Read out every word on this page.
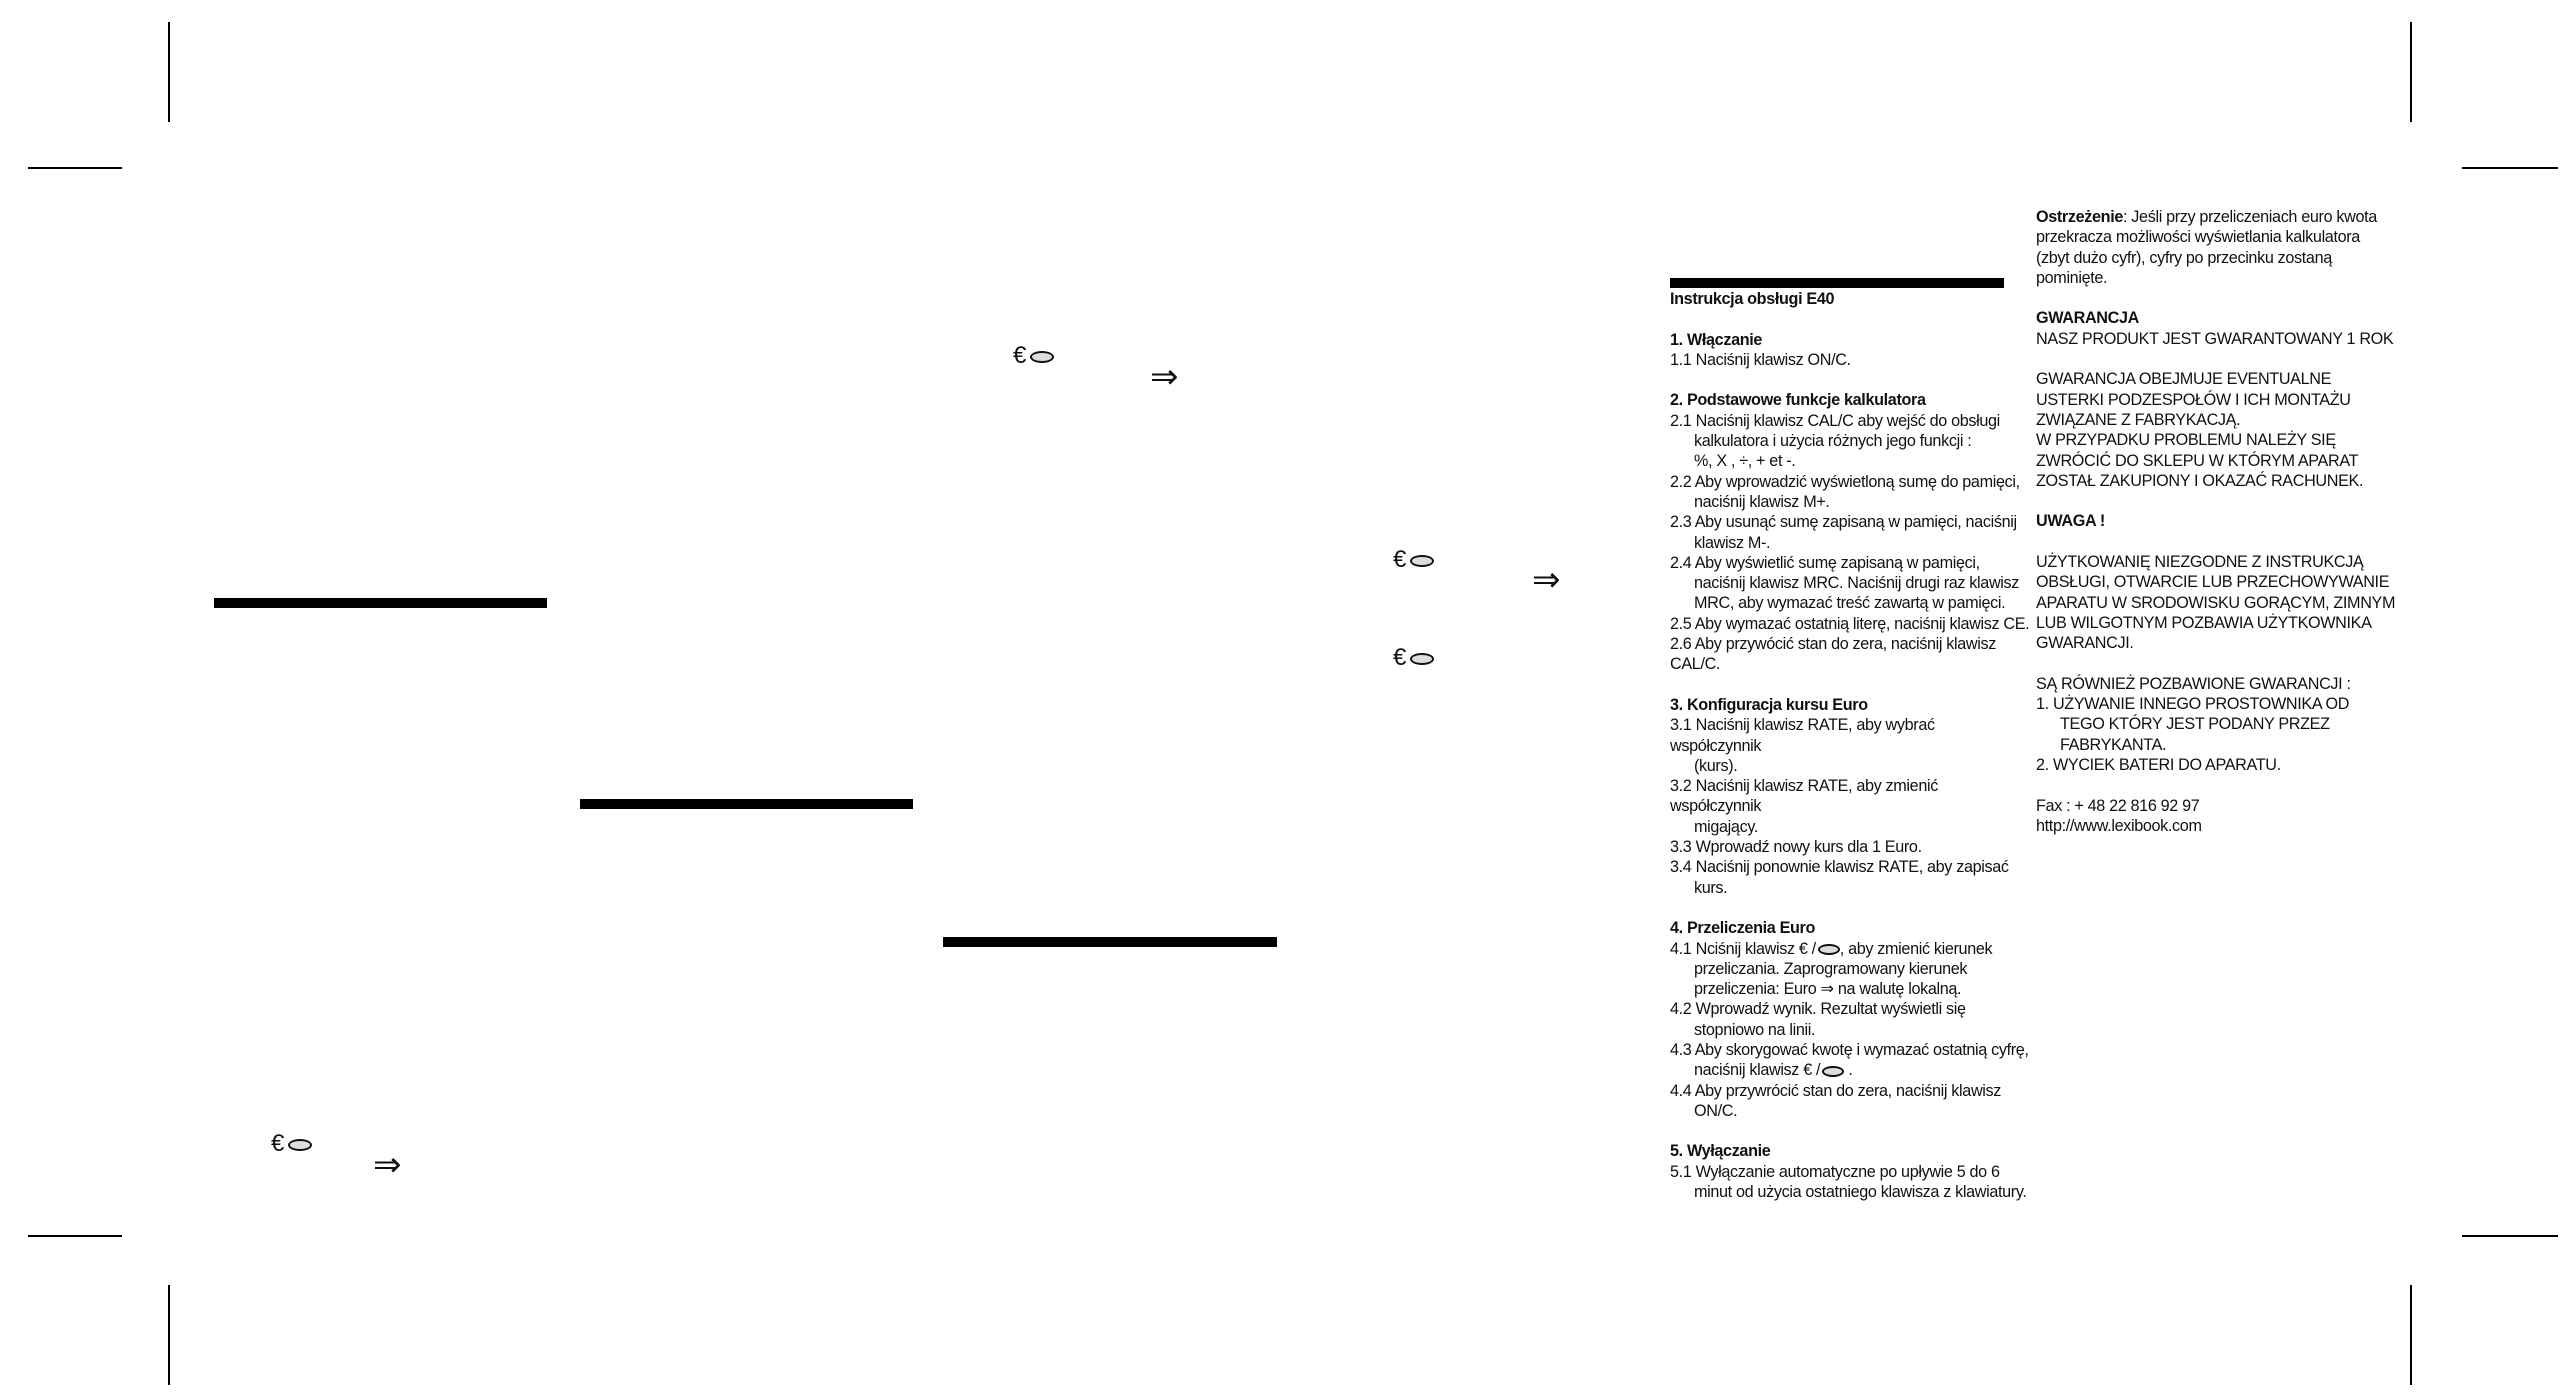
€
⇒
€
⇒
€
€
⇒

Instrukcja obsługi E40

1. Włączanie

1.1 Naciśnij klawisz ON/C.

2. Podstawowe funkcje kalkulatora

2.1 Naciśnij klawisz CAL/C aby wejść do obsługi

kalkulatora i użycia różnych jego funkcji :

%, X , ÷, + et -.

2.2 Aby wprowadzić wyświetloną sumę do pamięci,

naciśnij klawisz M+.

2.3 Aby usunąć sumę zapisaną w pamięci, naciśnij

klawisz M-.

2.4 Aby wyświetlić sumę zapisaną w pamięci,

naciśnij klawisz MRC. Naciśnij drugi raz klawisz

MRC, aby wymazać treść zawartą w pamięci.

2.5 Aby wymazać ostatnią literę, naciśnij klawisz CE.

2.6 Aby przywócić stan do zera, naciśnij klawisz CAL/C.

3. Konfiguracja kursu Euro

3.1 Naciśnij klawisz RATE, aby wybrać współczynnik

(kurs).

3.2 Naciśnij klawisz RATE, aby zmienić współczynnik

migający.

3.3 Wprowadź nowy kurs dla 1 Euro.

3.4 Naciśnij ponownie klawisz RATE, aby zapisać

kurs.

4. Przeliczenia Euro

4.1 Nciśnij klawisz € / , aby zmienić kierunek

przeliczania. Zaprogramowany kierunek

przeliczenia: Euro ⇒ na walutę lokalną.

4.2 Wprowadź wynik. Rezultat wyświetli się

stopniowo na linii.

4.3 Aby skorygować kwotę i wymazać ostatnią cyfrę,

naciśnij klawisz € / .

4.4 Aby przywrócić stan do zera, naciśnij klawisz

ON/C.

5. Wyłączanie

5.1 Wyłączanie automatyczne po upływie 5 do 6

minut od użycia ostatniego klawisza z klawiatury.

Ostrzeżenie: Jeśli przy przeliczeniach euro kwota

przekracza możliwości wyświetlania kalkulatora

(zbyt dużo cyfr), cyfry po przecinku zostaną pominięte.

GWARANCJA

NASZ PRODUKT JEST GWARANTOWANY 1 ROK

GWARANCJA OBEJMUJE EVENTUALNE

USTERKI PODZESPOŁÓW I ICH MONTAŻU

ZWIĄZANE Z FABRYKACJĄ.

W PRZYPADKU PROBLEMU NALEŻY SIĘ

ZWRÓCIĆ DO SKLEPU W KTÓRYM APARAT

ZOSTAŁ ZAKUPIONY I OKAZAĆ RACHUNEK.

UWAGA !

UŻYTKOWANIĘ NIEZGODNE Z INSTRUKCJĄ

OBSŁUGI, OTWARCIE LUB PRZECHOWYWANIE

APARATU W SRODOWISKU GORĄCYM, ZIMNYM

LUB WILGOTNYM POZBAWIA UŻYTKOWNIKA

GWARANCJI.

SĄ RÓWNIEŻ POZBAWIONE GWARANCJI :

1. UŻYWANIE INNEGO PROSTOWNIKA OD

TEGO KTÓRY JEST PODANY PRZEZ

FABRYKANTA.

2. WYCIEK BATERI DO APARATU.

Fax : + 48 22 816 92 97

http://www.lexibook.com
